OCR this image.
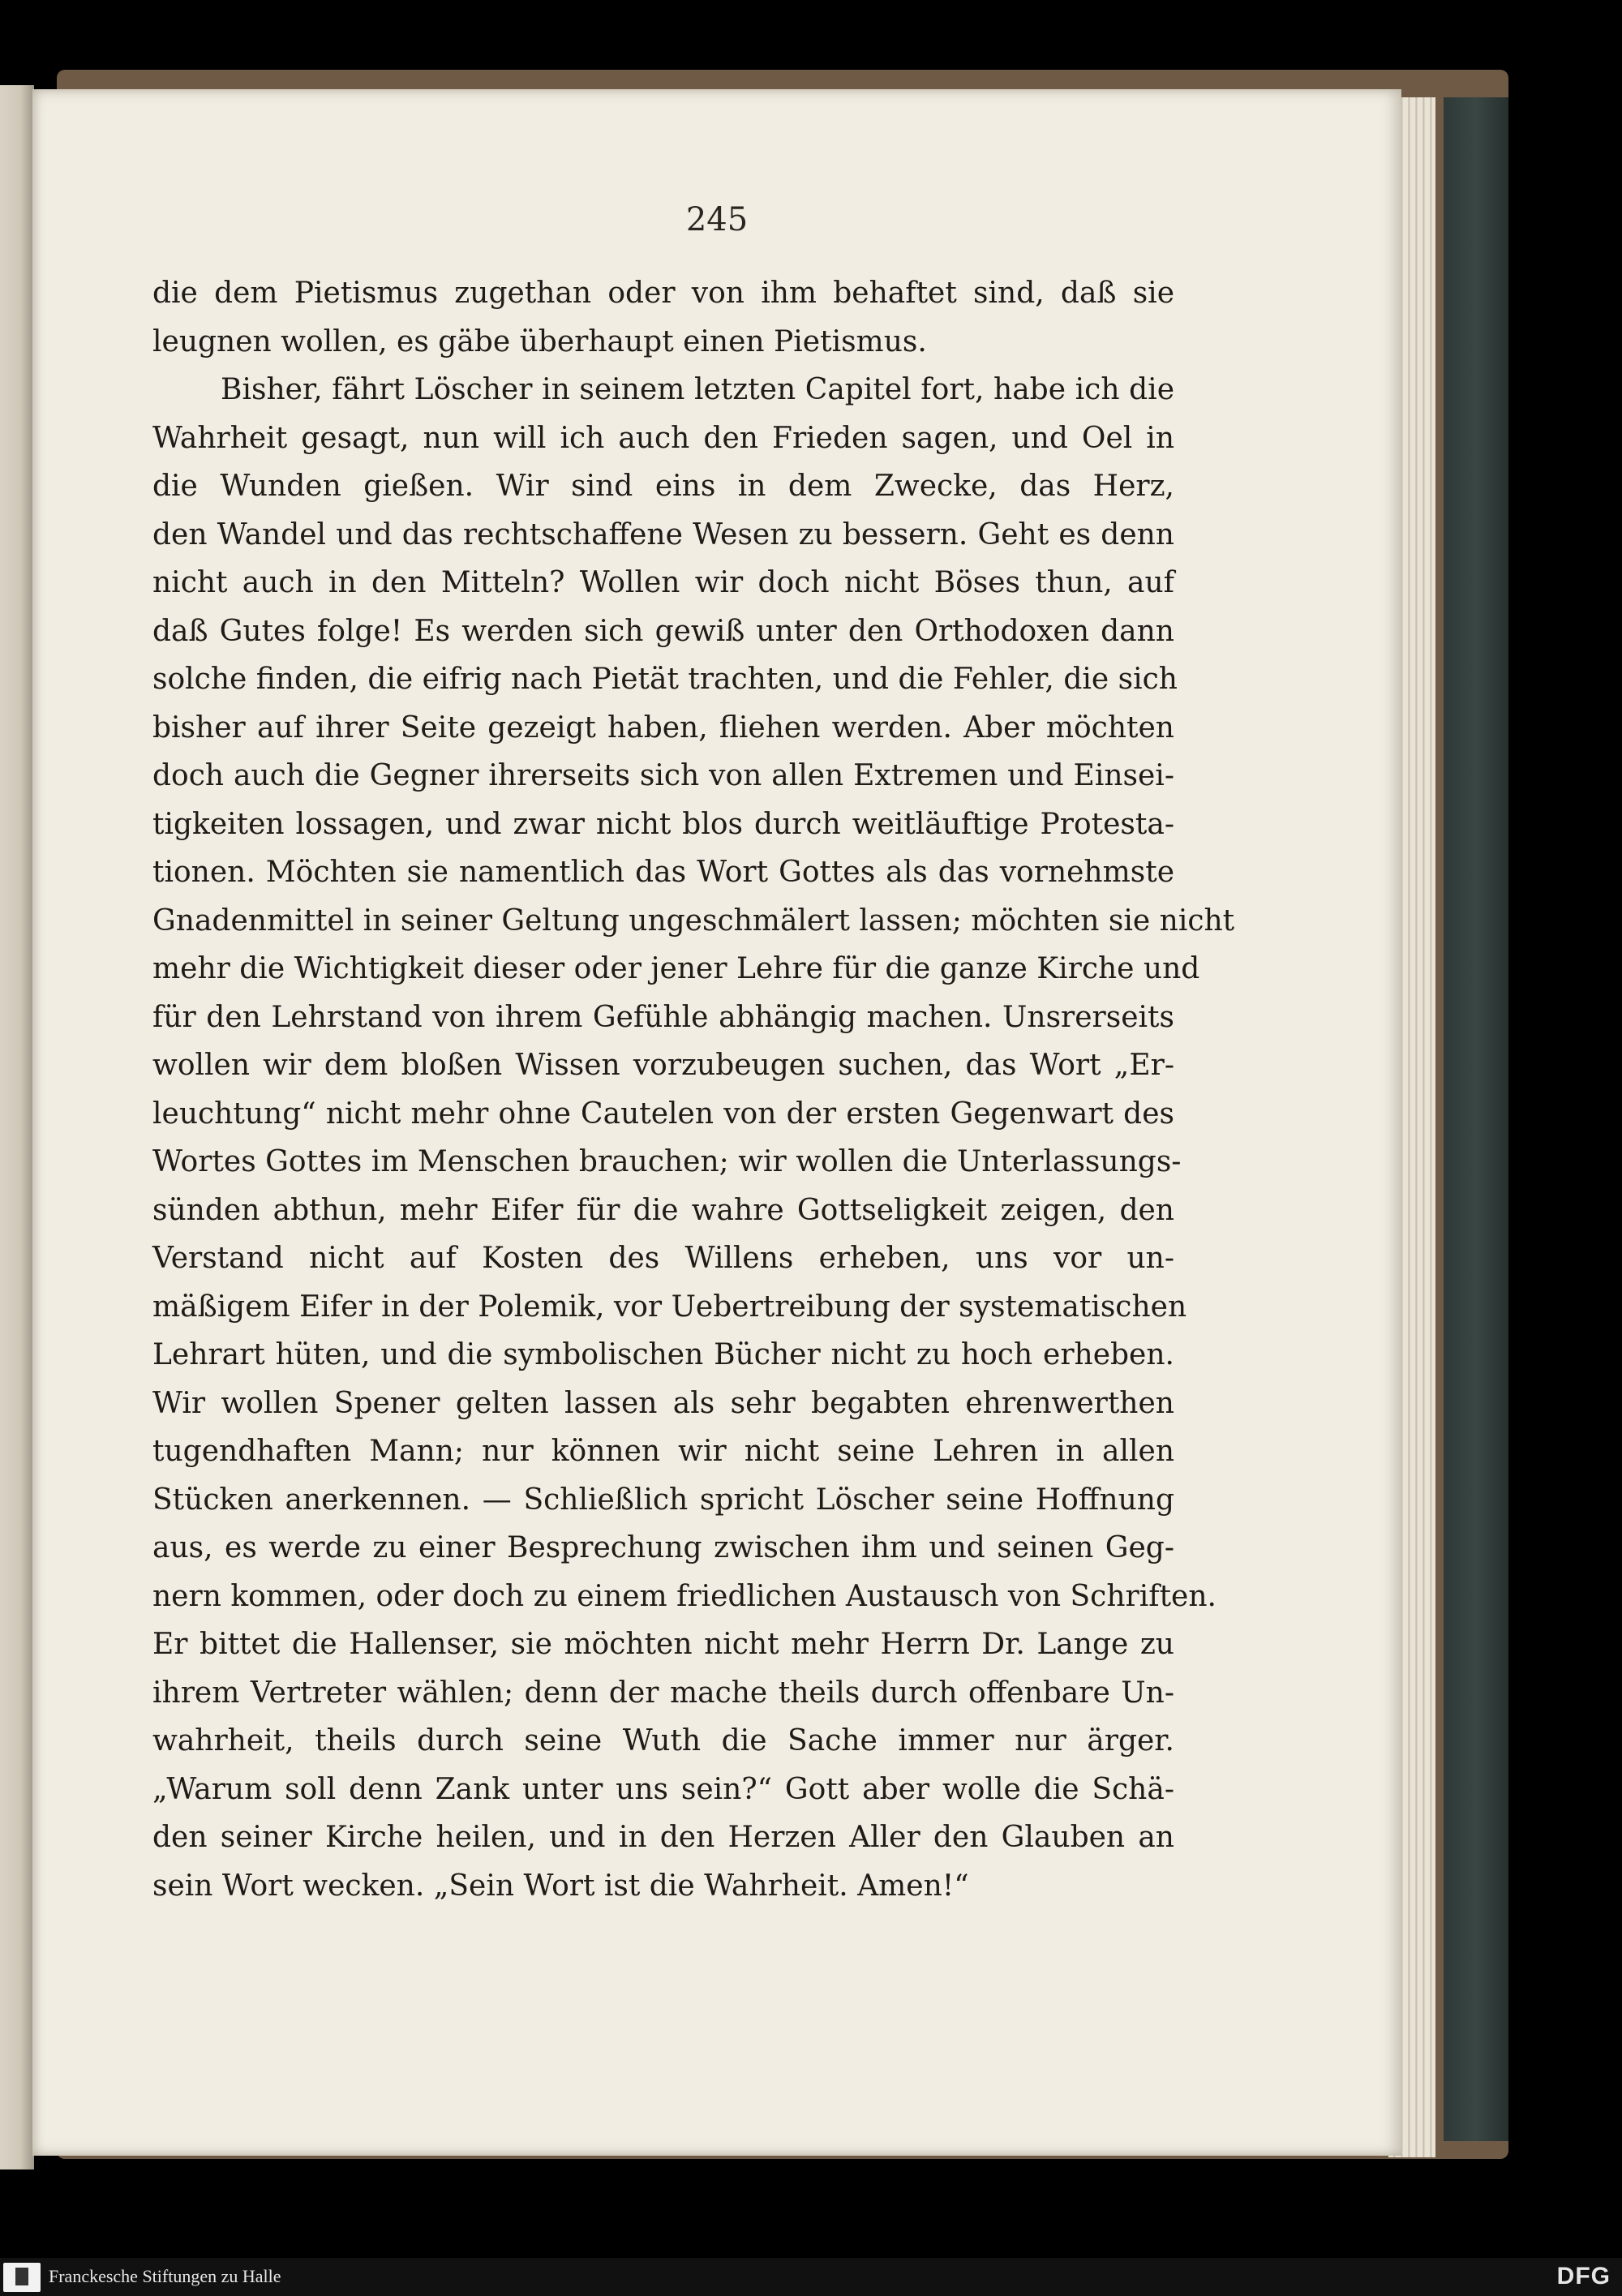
245
die dem Pietismus zugethan oder von ihm behaftet sind, daß sie
leugnen wollen, es gäbe überhaupt einen Pietismus.
Bisher, fährt Löscher in seinem letzten Capitel fort, habe ich die
Wahrheit gesagt, nun will ich auch den Frieden sagen, und Oel in
die Wunden gießen. Wir sind eins in dem Zwecke, das Herz,
den Wandel und das rechtschaffene Wesen zu bessern. Geht es denn
nicht auch in den Mitteln? Wollen wir doch nicht Böses thun, auf
daß Gutes folge! Es werden sich gewiß unter den Orthodoxen dann
solche finden, die eifrig nach Pietät trachten, und die Fehler, die sich
bisher auf ihrer Seite gezeigt haben, fliehen werden. Aber möchten
doch auch die Gegner ihrerseits sich von allen Extremen und Einsei-
tigkeiten lossagen, und zwar nicht blos durch weitläuftige Protesta-
tionen. Möchten sie namentlich das Wort Gottes als das vornehmste
Gnadenmittel in seiner Geltung ungeschmälert lassen; möchten sie nicht
mehr die Wichtigkeit dieser oder jener Lehre für die ganze Kirche und
für den Lehrstand von ihrem Gefühle abhängig machen. Unsrerseits
wollen wir dem bloßen Wissen vorzubeugen suchen, das Wort „Er-
leuchtung“ nicht mehr ohne Cautelen von der ersten Gegenwart des
Wortes Gottes im Menschen brauchen; wir wollen die Unterlassungs-
sünden abthun, mehr Eifer für die wahre Gottseligkeit zeigen, den
Verstand nicht auf Kosten des Willens erheben, uns vor un-
mäßigem Eifer in der Polemik, vor Uebertreibung der systematischen
Lehrart hüten, und die symbolischen Bücher nicht zu hoch erheben.
Wir wollen Spener gelten lassen als sehr begabten ehrenwerthen
tugendhaften Mann; nur können wir nicht seine Lehren in allen
Stücken anerkennen. — Schließlich spricht Löscher seine Hoffnung
aus, es werde zu einer Besprechung zwischen ihm und seinen Geg-
nern kommen, oder doch zu einem friedlichen Austausch von Schriften.
Er bittet die Hallenser, sie möchten nicht mehr Herrn Dr. Lange zu
ihrem Vertreter wählen; denn der mache theils durch offenbare Un-
wahrheit, theils durch seine Wuth die Sache immer nur ärger.
„Warum soll denn Zank unter uns sein?“ Gott aber wolle die Schä-
den seiner Kirche heilen, und in den Herzen Aller den Glauben an
sein Wort wecken. „Sein Wort ist die Wahrheit. Amen!“
Franckesche Stiftungen zu Halle	DFG
